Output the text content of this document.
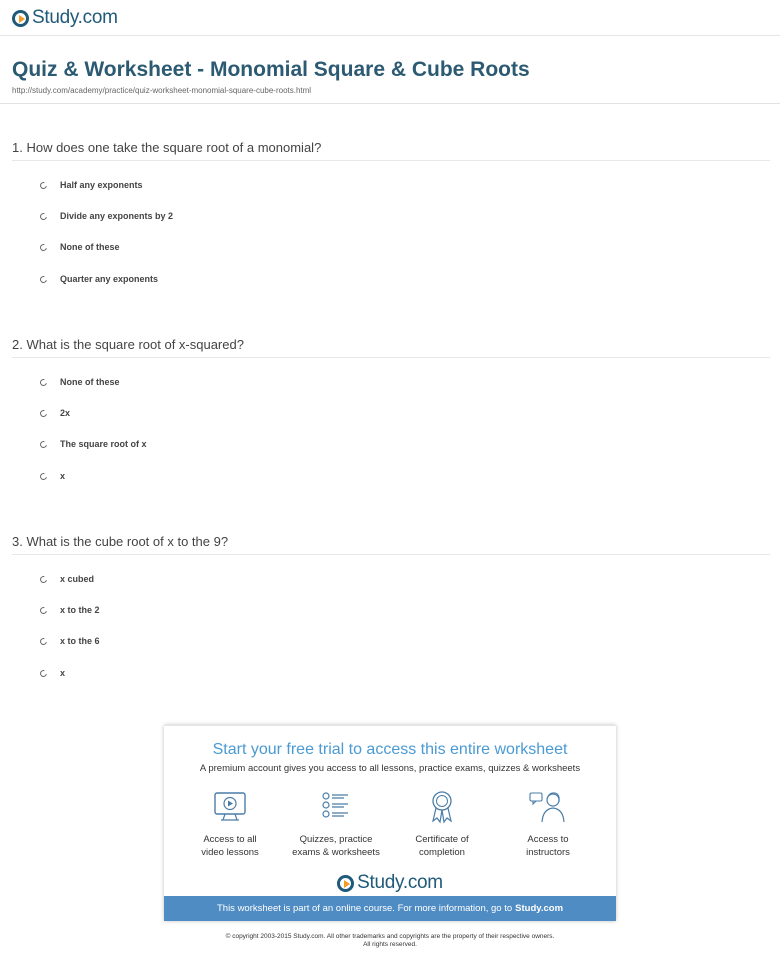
Study.com
Quiz & Worksheet - Monomial Square & Cube Roots
http://study.com/academy/practice/quiz-worksheet-monomial-square-cube-roots.html
1. How does one take the square root of a monomial?
Half any exponents
Divide any exponents by 2
None of these
Quarter any exponents
2. What is the square root of x-squared?
None of these
2x
The square root of x
x
3. What is the cube root of x to the 9?
x cubed
x to the 2
x to the 6
x
Start your free trial to access this entire worksheet
A premium account gives you access to all lessons, practice exams, quizzes & worksheets
Access to all
video lessons
Quizzes, practice
exams & worksheets
Certificate of
completion
Access to
instructors
Study.com
This worksheet is part of an online course. For more information, go to Study.com
© copyright 2003-2015 Study.com. All other trademarks and copyrights are the property of their respective owners.
All rights reserved.
